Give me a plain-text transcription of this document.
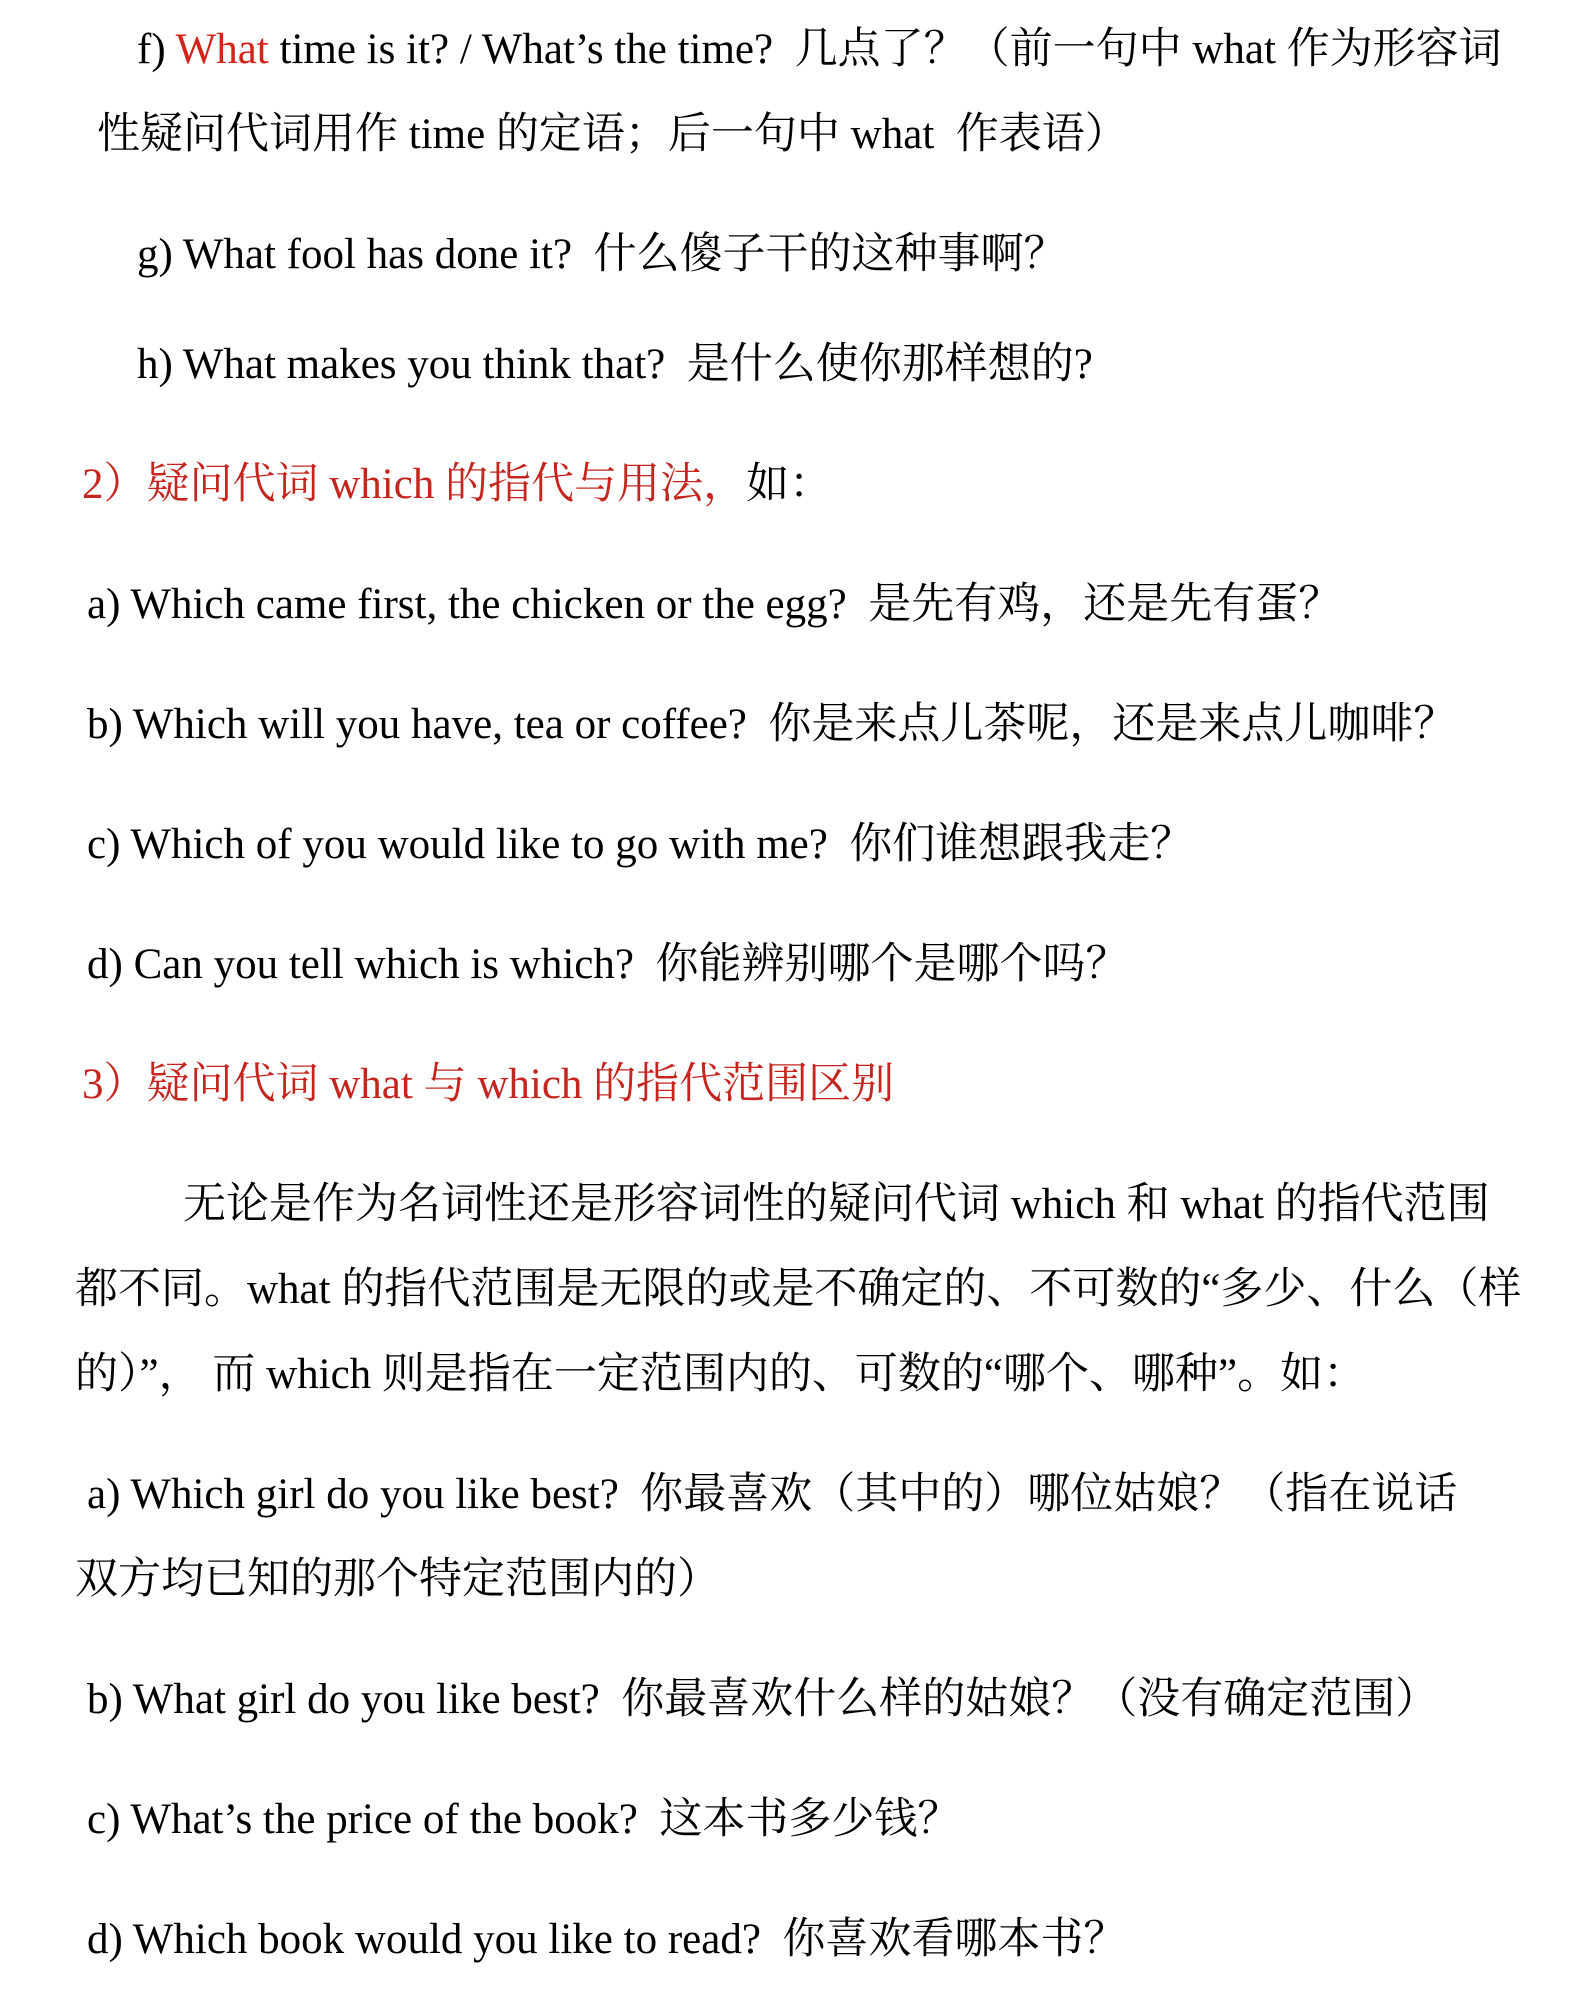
f) What time is it? / What’s the time?  几点了？（前一句中 what 作为形容词
性疑问代词用作 time 的定语；后一句中 what  作表语）
g) What fool has done it?  什么傻子干的这种事啊？
h) What makes you think that?  是什么使你那样想的?
2）疑问代词 which 的指代与用法，如：
a) Which came first, the chicken or the egg?  是先有鸡，还是先有蛋？
b) Which will you have, tea or coffee?  你是来点儿茶呢，还是来点儿咖啡？
c) Which of you would like to go with me?  你们谁想跟我走？
d) Can you tell which is which?  你能辨别哪个是哪个吗？
3）疑问代词 what 与 which 的指代范围区别
无论是作为名词性还是形容词性的疑问代词 which 和 what 的指代范围
都不同。what 的指代范围是无限的或是不确定的、不可数的“多少、什么（样
的）”， 而 which 则是指在一定范围内的、可数的“哪个、哪种”。如：
a) Which girl do you like best?  你最喜欢（其中的）哪位姑娘？（指在说话
双方均已知的那个特定范围内的）
b) What girl do you like best?  你最喜欢什么样的姑娘？（没有确定范围）
c) What’s the price of the book?  这本书多少钱？
d) Which book would you like to read?  你喜欢看哪本书？
